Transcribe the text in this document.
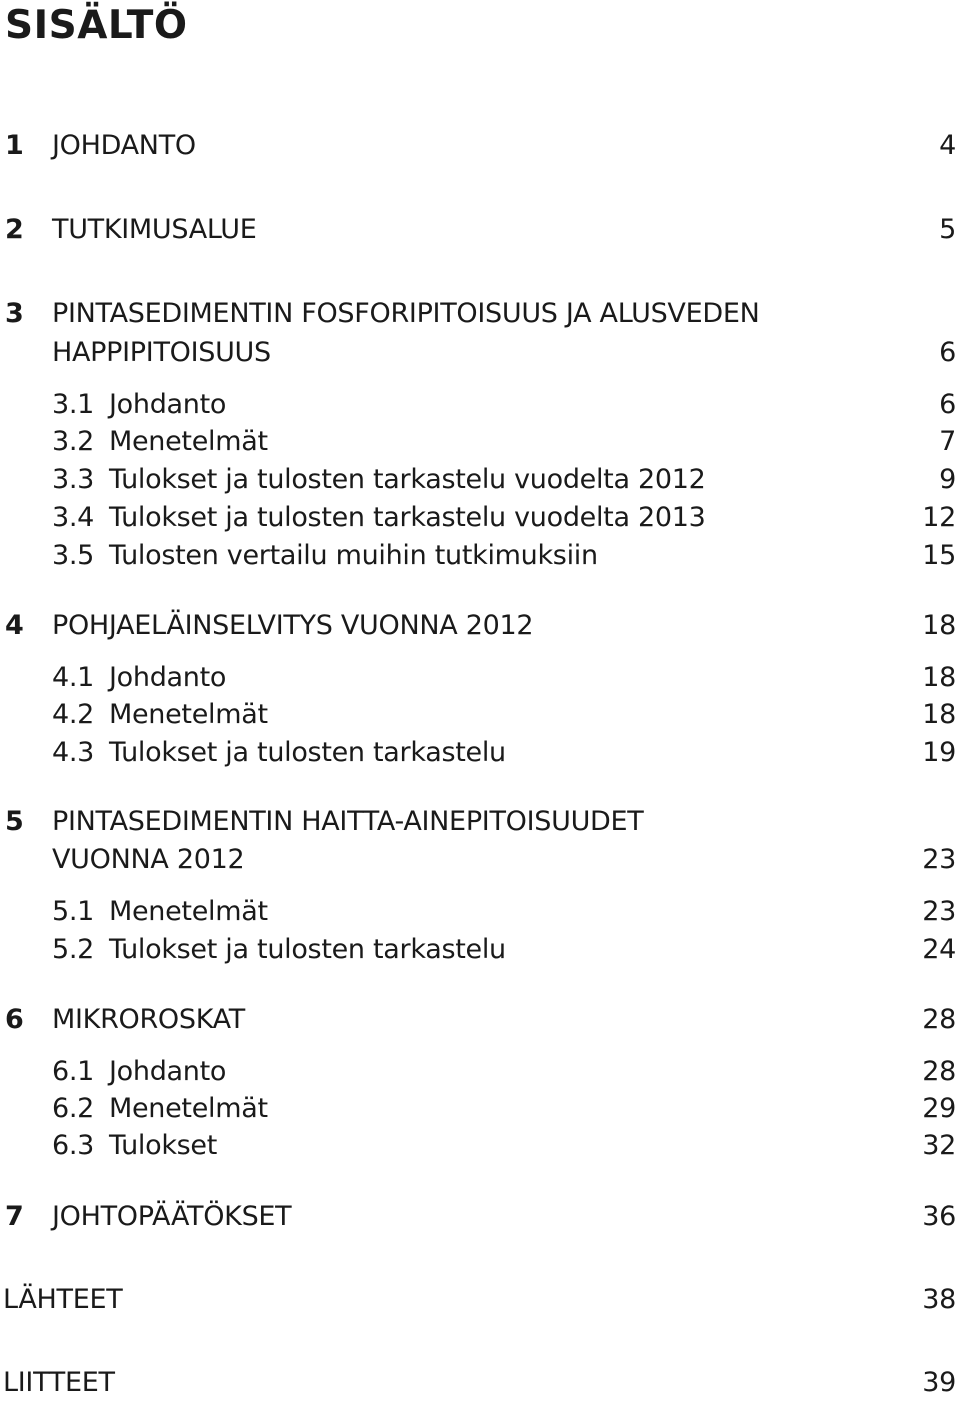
SISÄLTÖ
1 JOHDANTO	4
2 TUTKIMUSALUE	5
3 PINTASEDIMENTIN FOSFORIPITOISUUS JA ALUSVEDEN
HAPPIPITOISUUS	6
3.1 Johdanto	6
3.2 Menetelmät	7
3.3 Tulokset ja tulosten tarkastelu vuodelta 2012	9
3.4 Tulokset ja tulosten tarkastelu vuodelta 2013	12
3.5 Tulosten vertailu muihin tutkimuksiin	15
4 POHJAELÄINSELVITYS VUONNA 2012	18
4.1 Johdanto	18
4.2 Menetelmät	18
4.3 Tulokset ja tulosten tarkastelu	19
5 PINTASEDIMENTIN HAITTA-AINEPITOISUUDET
VUONNA 2012	23
5.1 Menetelmät	23
5.2 Tulokset ja tulosten tarkastelu	24
6 MIKROROSKAT	28
6.1 Johdanto	28
6.2 Menetelmät	29
6.3 Tulokset	32
7 JOHTOPÄÄTÖKSET	36
LÄHTEET	38
LIITTEET	39
